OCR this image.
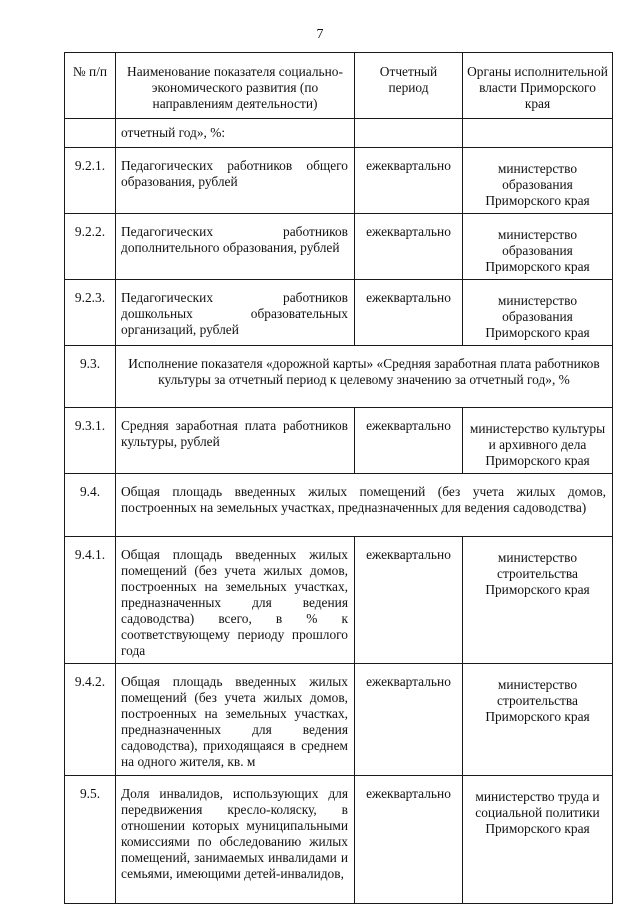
7
№ п/п	Наименование показателя социально-экономического развития (по направлениям деятельности)	Отчетный период	Органы исполнительной власти Приморского края
	отчетный год», %:		
9.2.1.	Педагогических работников общего образования, рублей	ежеквартально	министерство образования Приморского края
9.2.2.	Педагогических работников дополнительного образования, рублей	ежеквартально	министерство образования Приморского края
9.2.3.	Педагогических работников дошкольных образовательных организаций, рублей	ежеквартально	министерство образования Приморского края
9.3.	Исполнение показателя «дорожной карты» «Средняя заработная плата работников культуры за отчетный период к целевому значению за отчетный год», %		
9.3.1.	Средняя заработная плата работников культуры, рублей	ежеквартально	министерство культуры и архивного дела Приморского края
9.4.	Общая площадь введенных жилых помещений (без учета жилых домов, построенных на земельных участках, предназначенных для ведения садоводства)		
9.4.1.	Общая площадь введенных жилых помещений (без учета жилых домов, построенных на земельных участках, предназначенных для ведения садоводства) всего, в % к соответствующему периоду прошлого года	ежеквартально	министерство строительства Приморского края
9.4.2.	Общая площадь введенных жилых помещений (без учета жилых домов, построенных на земельных участках, предназначенных для ведения садоводства), приходящаяся в среднем на одного жителя, кв. м	ежеквартально	министерство строительства Приморского края
9.5.	Доля инвалидов, использующих для передвижения кресло-коляску, в отношении которых муниципальными комиссиями по обследованию жилых помещений, занимаемых инвалидами и семьями, имеющими детей-инвалидов,	ежеквартально	министерство труда и социальной политики Приморского края
